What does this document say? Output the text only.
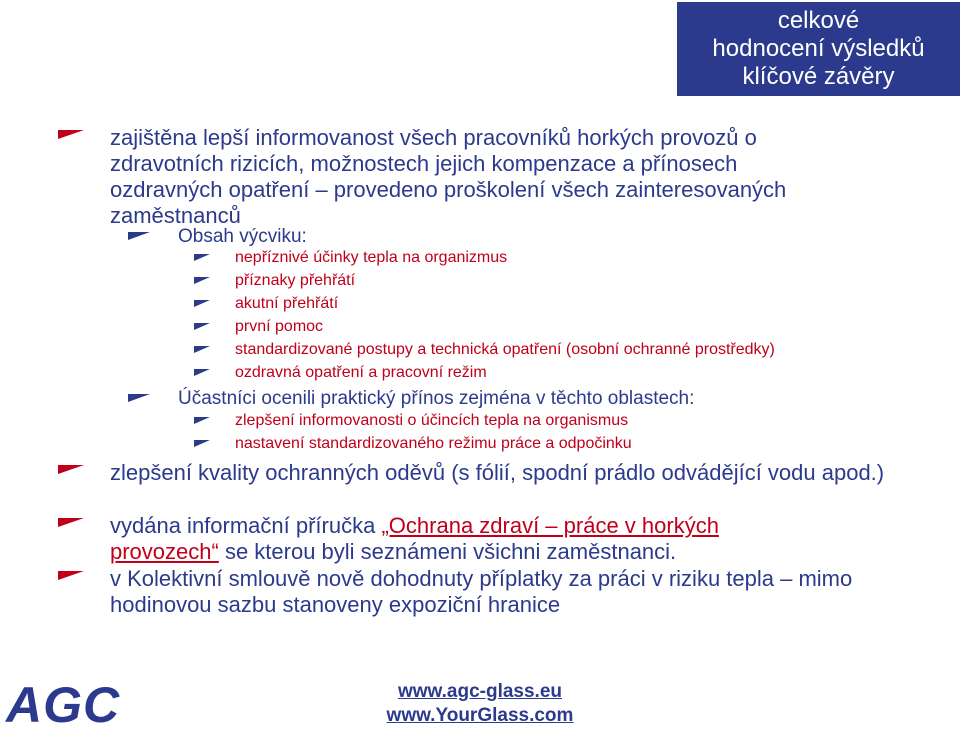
celkové
hodnocení výsledků
klíčové závěry
zajištěna lepší informovanost všech pracovníků horkých provozů o zdravotních rizicích, možnostech jejich kompenzace a přínosech ozdravných opatření – provedeno proškolení všech zainteresovaných zaměstnanců
Obsah výcviku:
nepříznivé účinky tepla na organizmus
příznaky přehřátí
akutní přehřátí
první pomoc
standardizované postupy a technická opatření (osobní ochranné prostředky)
ozdravná opatření a pracovní režim
Účastníci ocenili praktický přínos zejména v těchto oblastech:
zlepšení informovanosti o účincích tepla na organismus
nastavení standardizovaného režimu práce a odpočinku
zlepšení kvality ochranných oděvů (s fólií, spodní prádlo odvádějící vodu apod.)
vydána informační příručka „Ochrana zdraví – práce v horkých provozech“ se kterou byli seznámeni všichni zaměstnanci.
v Kolektivní smlouvě nově dohodnuty příplatky za práci v riziku tepla – mimo hodinovou sazbu stanoveny expoziční hranice
AGC	www.agc-glass.eu
www.YourGlass.com
